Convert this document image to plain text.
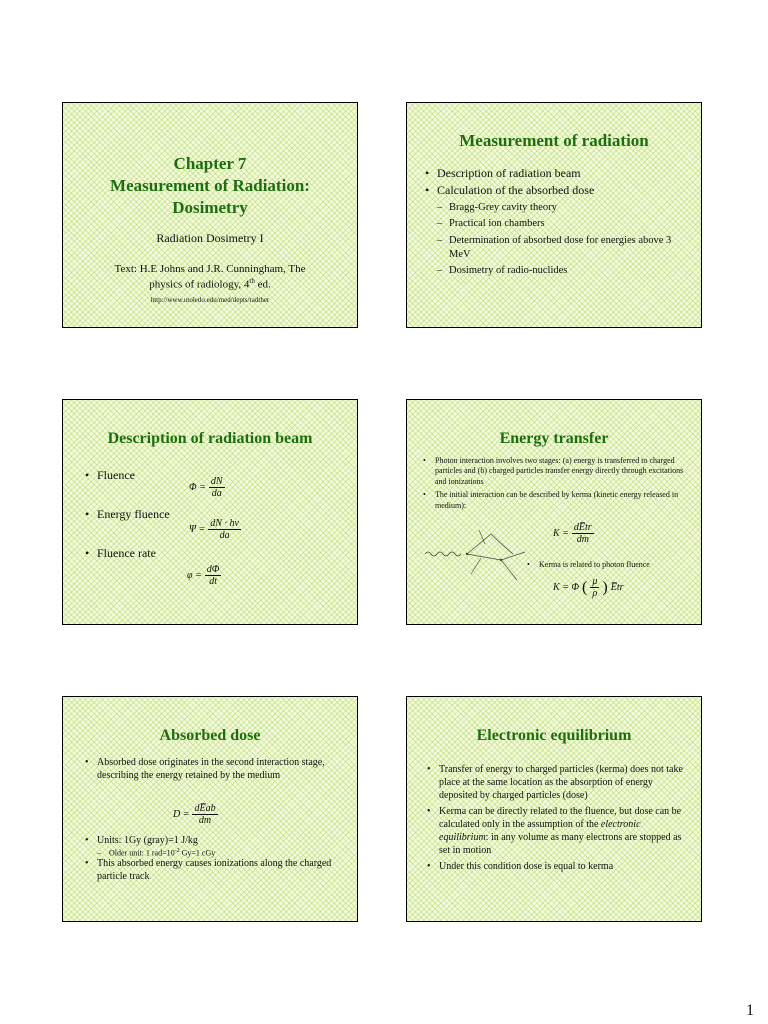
Chapter 7
Measurement of Radiation:
Dosimetry
Radiation Dosimetry I
Text: H.E Johns and J.R. Cunningham, The
physics of radiology, 4th ed.
http://www.utoledo.edu/med/depts/radther
Measurement of radiation
• Description of radiation beam
• Calculation of the absorbed dose
– Bragg-Grey cavity theory
– Practical ion chambers
– Determination of absorbed dose for energies above 3 MeV
– Dosimetry of radio-nuclides
Description of radiation beam
• Fluence
• Energy fluence
• Fluence rate
$\Phi = \frac{dN}{da}$
$\Psi = \frac{dN \cdot h\nu}{da}$
$\varphi = \frac{d\Phi}{dt}$
Energy transfer
• Photon interaction involves two stages: (a) energy is transferred to charged particles and (b) charged particles transfer energy directly through excitations and ionizations
• The initial interaction can be described by kerma (kinetic energy released in medium):
$K = \frac{dE̅tr}{dm}$
• Kerma is related to photon fluence
K = Φ ( $\frac{\mu}{\rho}$ ) E̅tr
Absorbed dose
• Absorbed dose originates in the second interaction stage, describing the energy retained by the medium
$D = \frac{dE̅ab}{dm}$
• Units: 1Gy (gray)=1 J/kg
– Older unit: 1 $rad=10^{-2}$ Gy=1 cGy
• This absorbed energy causes ionizations along the charged particle track
Electronic equilibrium
• Transfer of energy to charged particles (kerma) does not take place at the same location as the absorption of energy deposited by charged particles (dose)
• Kerma can be directly related to the fluence, but dose can be calculated only in the assumption of the electronic equilibrium: in any volume as many electrons are stopped as set in motion
• Under this condition dose is equal to kerma
1
